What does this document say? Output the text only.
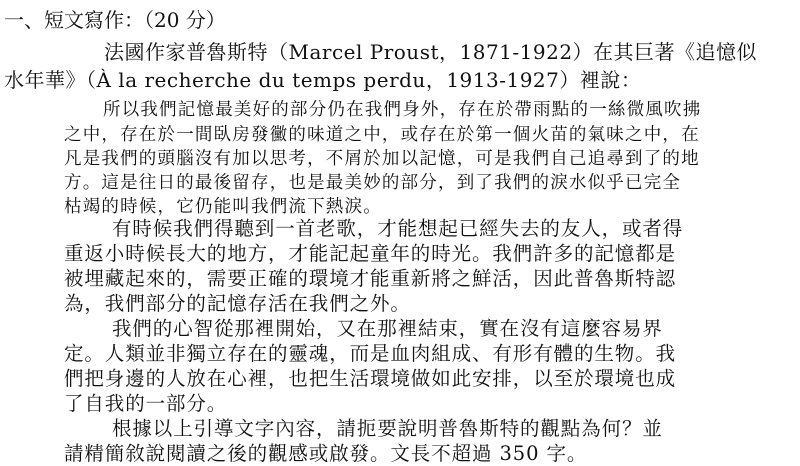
一、短文寫作：（20 分）
法國作家普魯斯特（Marcel Proust，1871-1922）在其巨著《追憶似
水年華》（À la recherche du temps perdu，1913-1927）裡說：
所以我們記憶最美好的部分仍在我們身外，存在於帶雨點的一絲微風吹拂
之中，存在於一間臥房發黴的味道之中，或存在於第一個火苗的氣味之中，在
凡是我們的頭腦沒有加以思考，不屑於加以記憶，可是我們自己追尋到了的地
方。這是往日的最後留存，也是最美妙的部分，到了我們的淚水似乎已完全
枯竭的時候，它仍能叫我們流下熱淚。
有時候我們得聽到一首老歌，才能想起已經失去的友人，或者得
重返小時候長大的地方，才能記起童年的時光。我們許多的記憶都是
被埋藏起來的，需要正確的環境才能重新將之鮮活，因此普魯斯特認
為，我們部分的記憶存活在我們之外。
我們的心智從那裡開始，又在那裡結束，實在沒有這麼容易界
定。人類並非獨立存在的靈魂，而是血肉組成、有形有體的生物。我
們把身邊的人放在心裡，也把生活環境做如此安排，以至於環境也成
了自我的一部分。
根據以上引導文字內容，請扼要說明普魯斯特的觀點為何？並
請精簡敘說閱讀之後的觀感或啟發。文長不超過 350 字。
